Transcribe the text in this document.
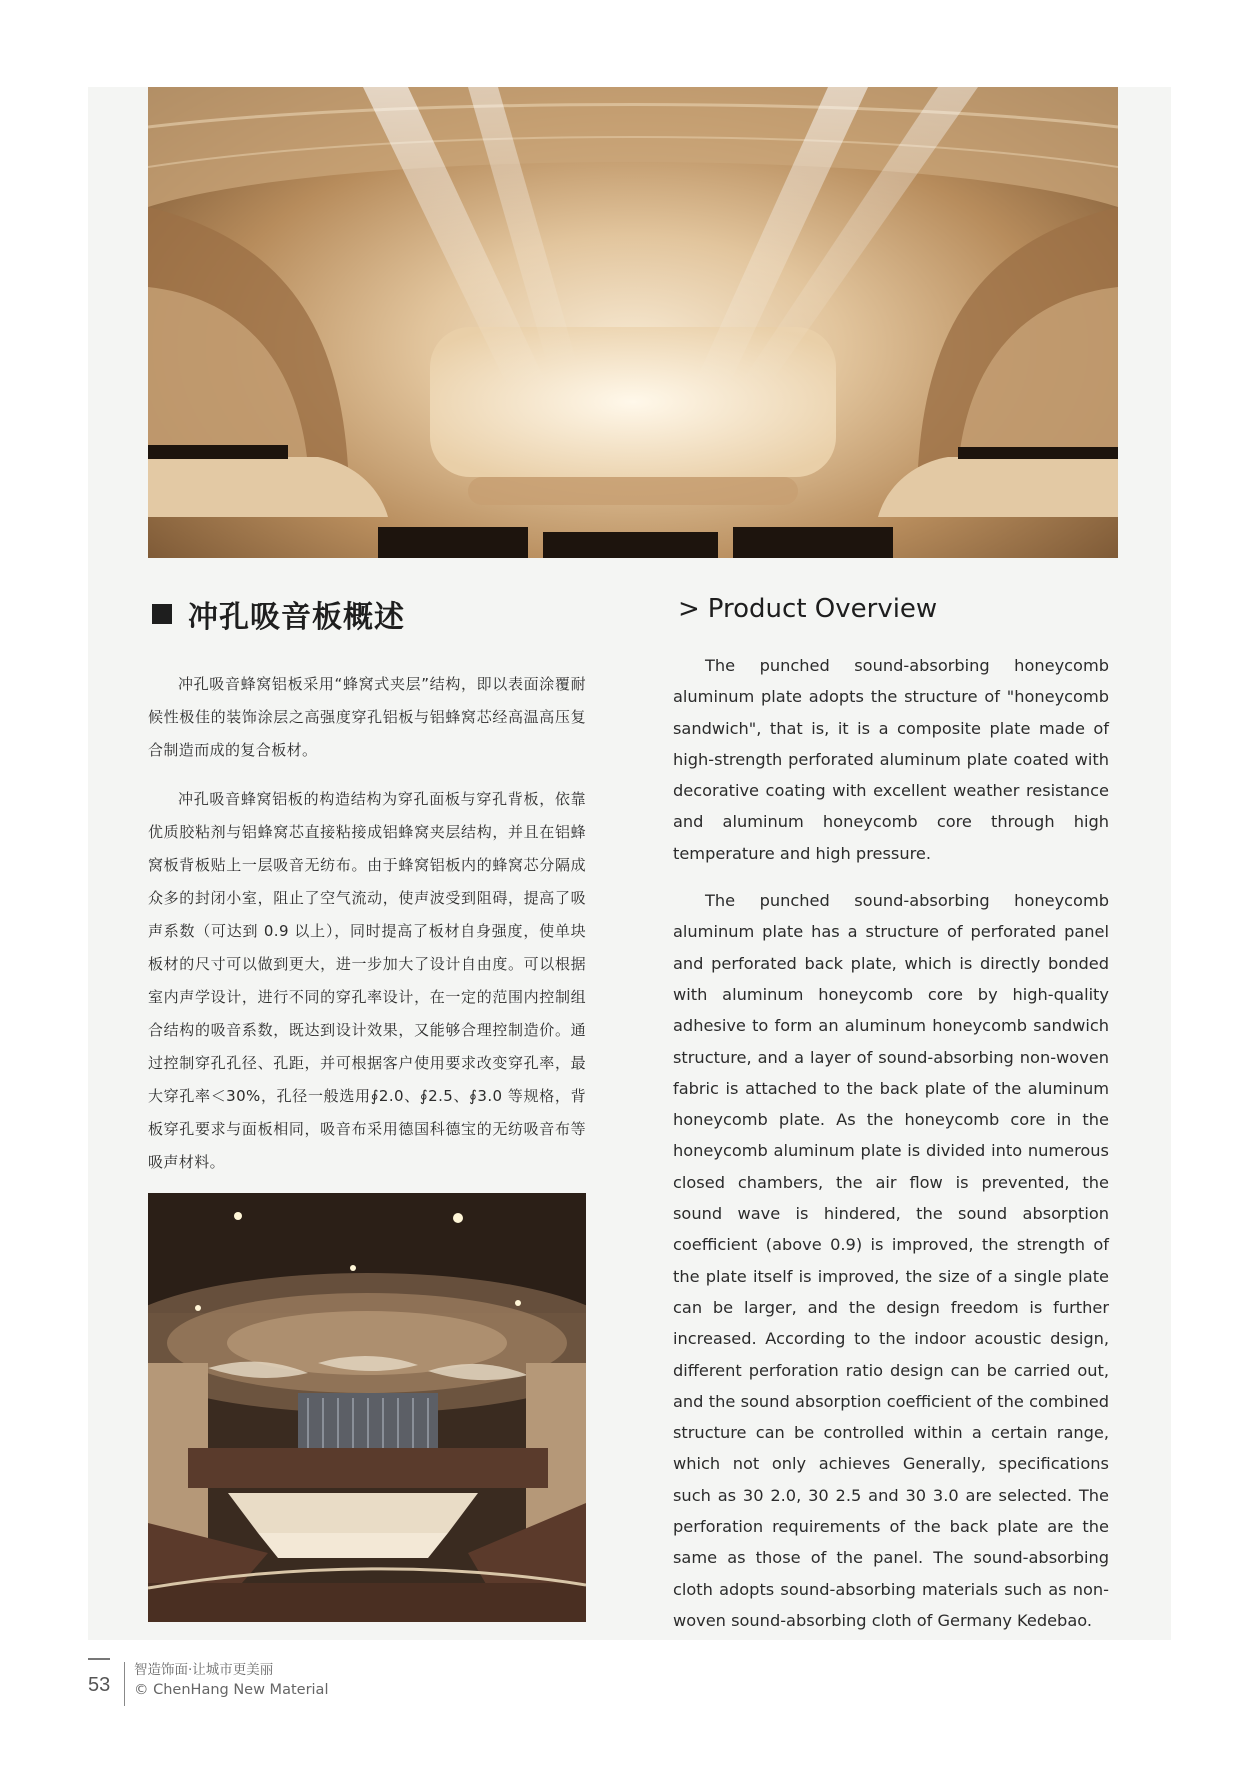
冲孔吸音板概述

冲孔吸音蜂窝铝板采用“蜂窝式夹层”结构，即以表面涂覆耐候性极佳的装饰涂层之高强度穿孔铝板与铝蜂窝芯经高温高压复合制造而成的复合板材。

冲孔吸音蜂窝铝板的构造结构为穿孔面板与穿孔背板，依靠优质胶粘剂与铝蜂窝芯直接粘接成铝蜂窝夹层结构，并且在铝蜂窝板背板贴上一层吸音无纺布。由于蜂窝铝板内的蜂窝芯分隔成众多的封闭小室，阻止了空气流动，使声波受到阻碍，提高了吸声系数（可达到 0.9 以上），同时提高了板材自身强度，使单块板材的尺寸可以做到更大，进一步加大了设计自由度。可以根据室内声学设计，进行不同的穿孔率设计，在一定的范围内控制组合结构的吸音系数，既达到设计效果，又能够合理控制造价。通过控制穿孔孔径、孔距，并可根据客户使用要求改变穿孔率，最大穿孔率＜30%，孔径一般选用∮2.0、∮2.5、∮3.0 等规格，背板穿孔要求与面板相同，吸音布采用德国科德宝的无纺吸音布等吸声材料。

> Product Overview

The punched sound-absorbing honeycomb aluminum plate adopts the structure of "honeycomb sandwich", that is, it is a composite plate made of high-strength perforated aluminum plate coated with decorative coating with excellent weather resistance and aluminum honeycomb core through high temperature and high pressure.

The punched sound-absorbing honeycomb aluminum plate has a structure of perforated panel and perforated back plate, which is directly bonded with aluminum honeycomb core by high-quality adhesive to form an aluminum honeycomb sandwich structure, and a layer of sound-absorbing non-woven fabric is attached to the back plate of the aluminum honeycomb plate. As the honeycomb core in the honeycomb aluminum plate is divided into numerous closed chambers, the air flow is prevented, the sound wave is hindered, the sound absorption coefficient (above 0.9) is improved, the strength of the plate itself is improved, the size of a single plate can be larger, and the design freedom is further increased. According to the indoor acoustic design, different perforation ratio design can be carried out, and the sound absorption coefficient of the combined structure can be controlled within a certain range, which not only achieves Generally, specifications such as 30 2.0, 30 2.5 and 30 3.0 are selected. The perforation requirements of the back plate are the same as those of the panel. The sound-absorbing cloth adopts sound-absorbing materials such as non-woven sound-absorbing cloth of Germany Kedebao.

53
智造饰面·让城市更美丽
© ChenHang New Material
